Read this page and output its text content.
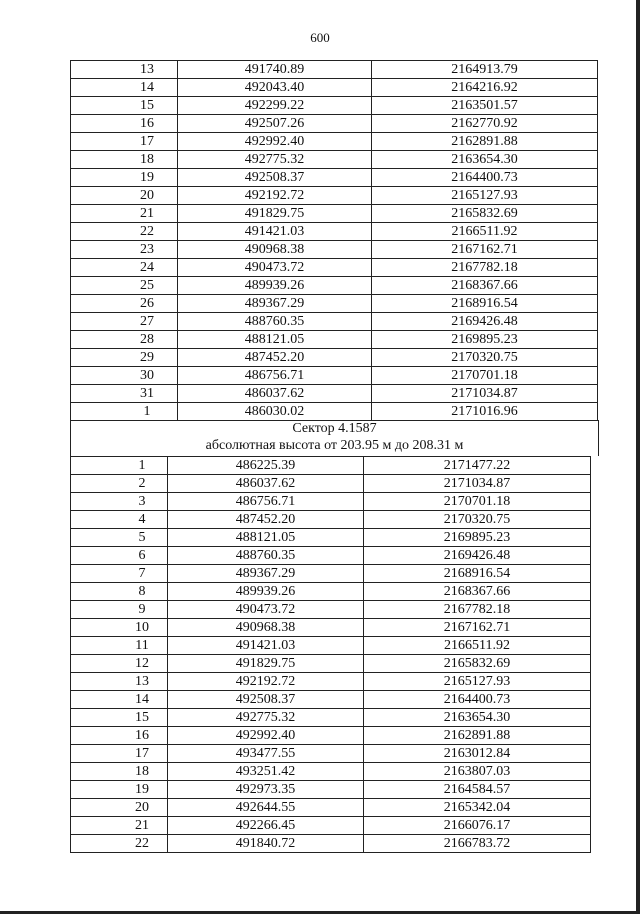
600
13	491740.89	2164913.79
14	492043.40	2164216.92
15	492299.22	2163501.57
16	492507.26	2162770.92
17	492992.40	2162891.88
18	492775.32	2163654.30
19	492508.37	2164400.73
20	492192.72	2165127.93
21	491829.75	2165832.69
22	491421.03	2166511.92
23	490968.38	2167162.71
24	490473.72	2167782.18
25	489939.26	2168367.66
26	489367.29	2168916.54
27	488760.35	2169426.48
28	488121.05	2169895.23
29	487452.20	2170320.75
30	486756.71	2170701.18
31	486037.62	2171034.87
1	486030.02	2171016.96
Сектор 4.1587
абсолютная высота от 203.95 м до 208.31 м
1	486225.39	2171477.22
2	486037.62	2171034.87
3	486756.71	2170701.18
4	487452.20	2170320.75
5	488121.05	2169895.23
6	488760.35	2169426.48
7	489367.29	2168916.54
8	489939.26	2168367.66
9	490473.72	2167782.18
10	490968.38	2167162.71
11	491421.03	2166511.92
12	491829.75	2165832.69
13	492192.72	2165127.93
14	492508.37	2164400.73
15	492775.32	2163654.30
16	492992.40	2162891.88
17	493477.55	2163012.84
18	493251.42	2163807.03
19	492973.35	2164584.57
20	492644.55	2165342.04
21	492266.45	2166076.17
22	491840.72	2166783.72
